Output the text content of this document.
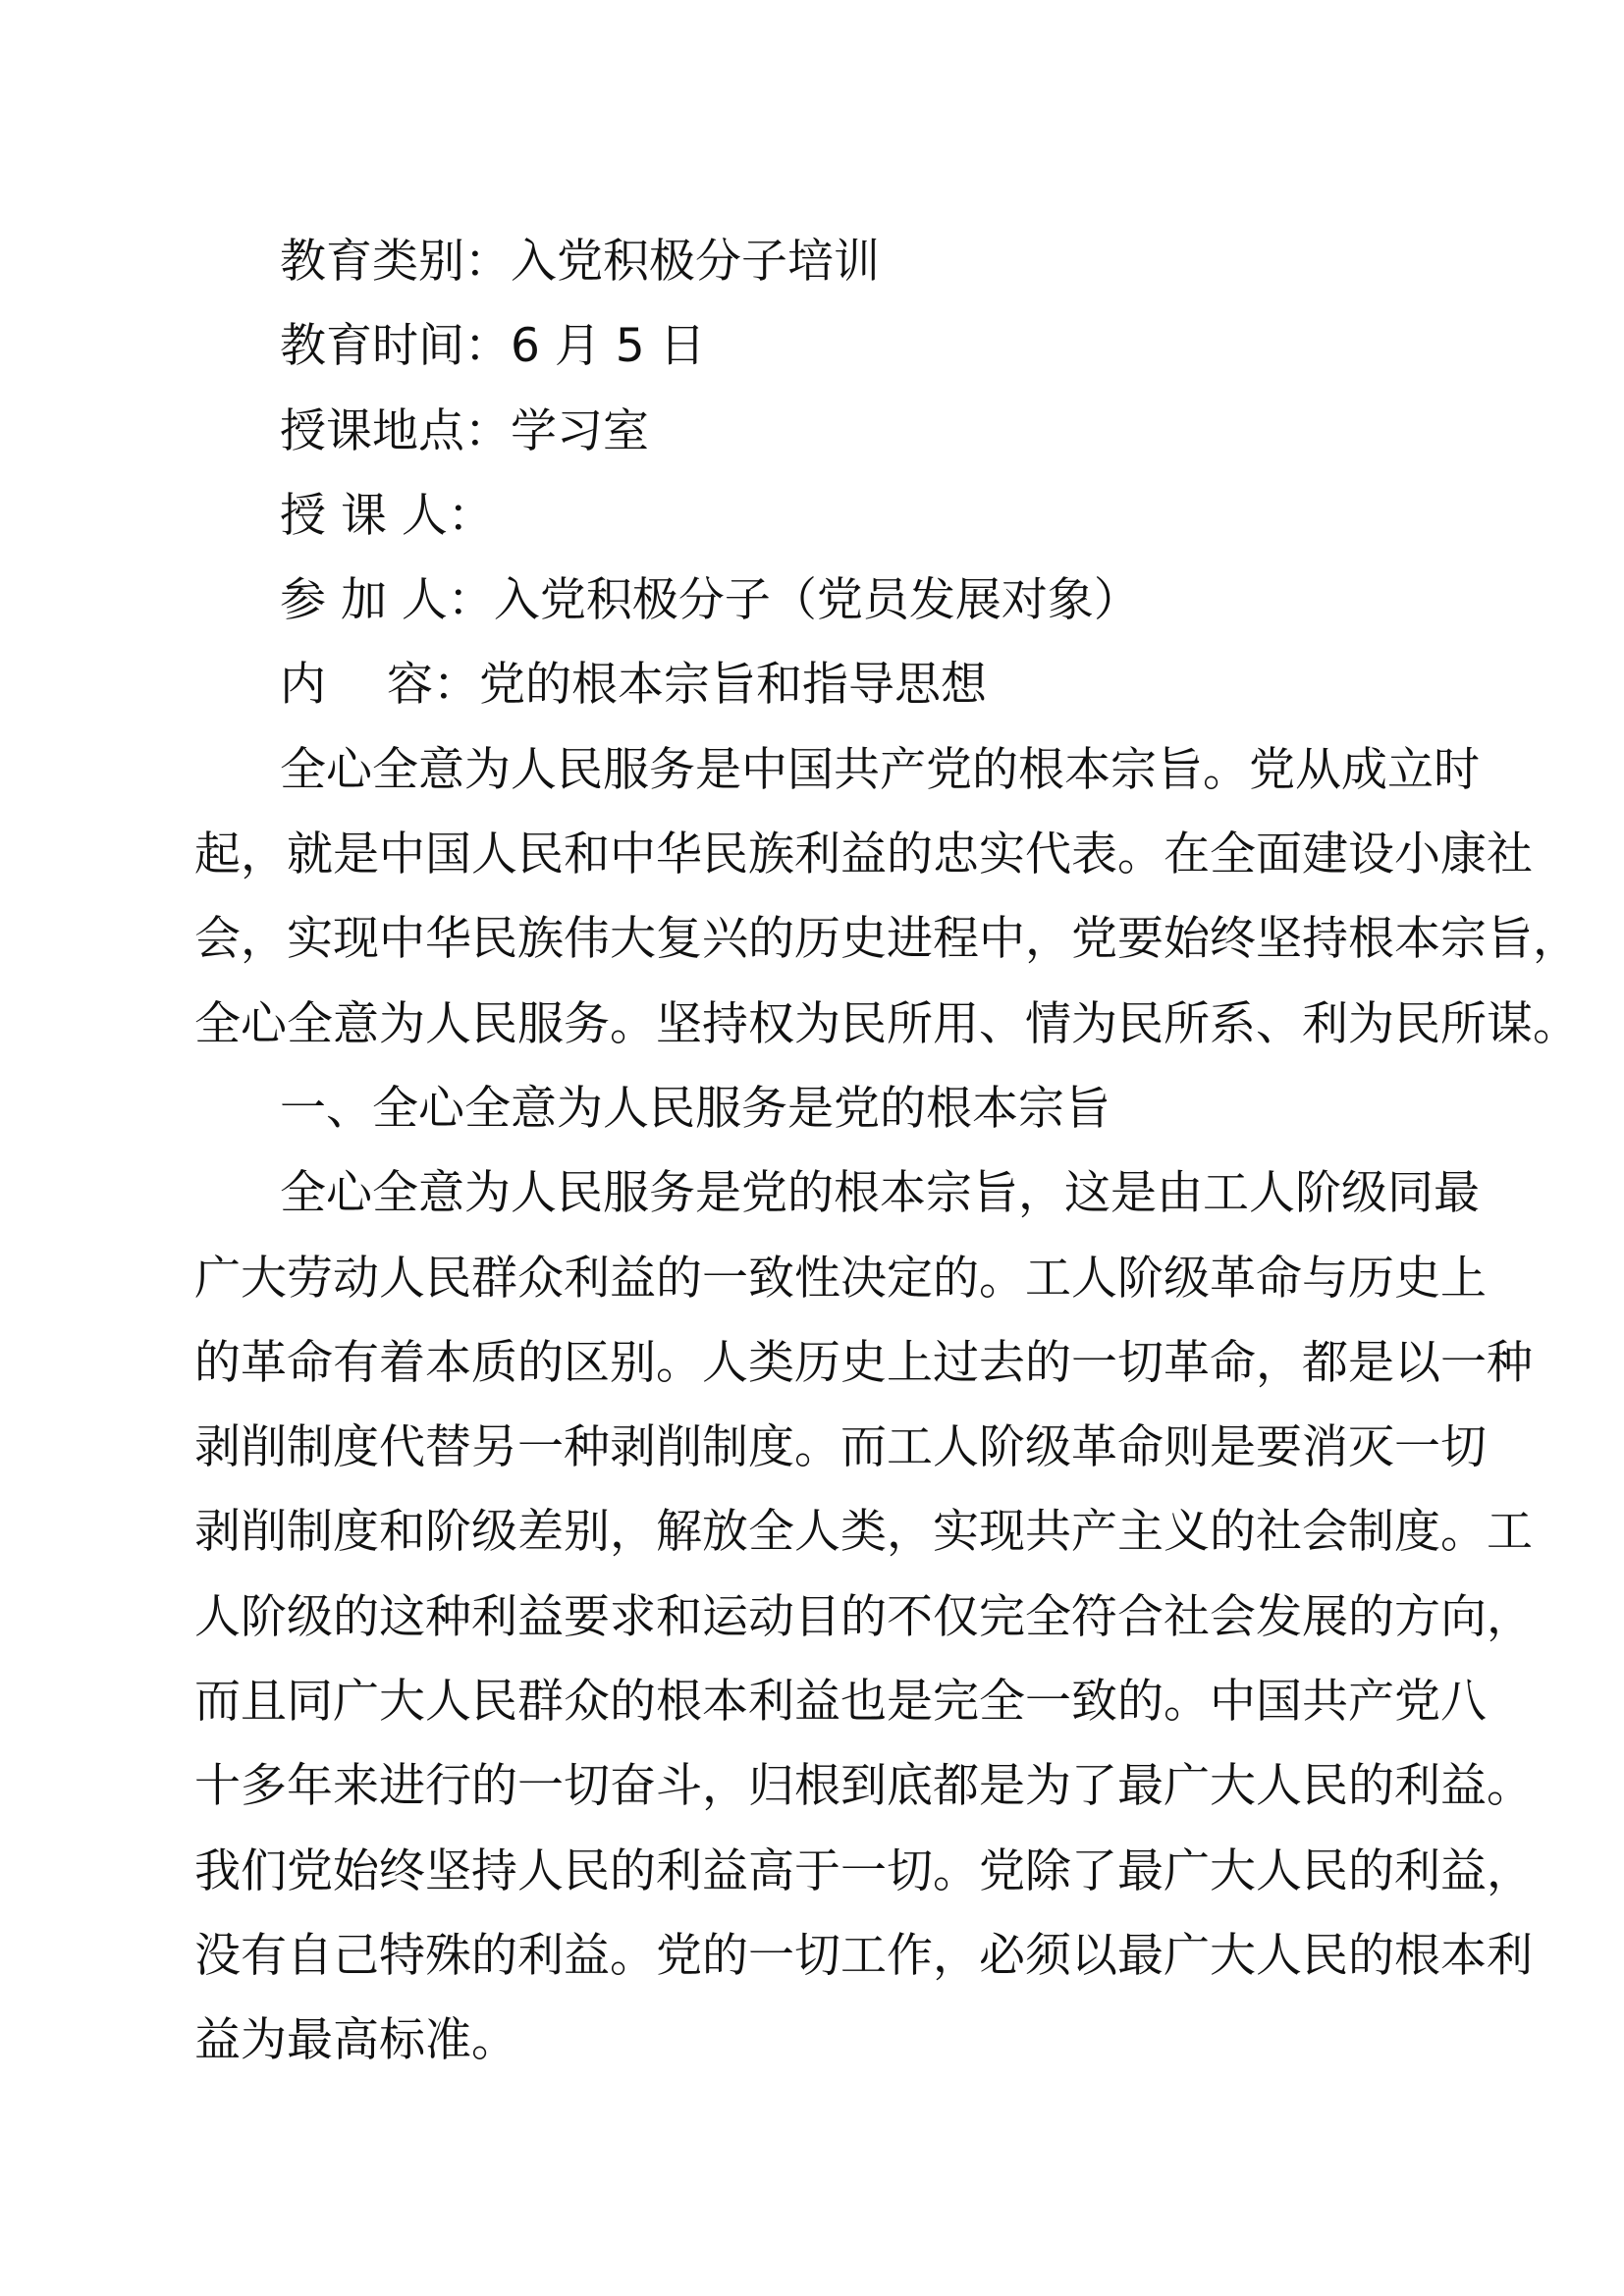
教育类别：入党积极分子培训
教育时间：6 月 5 日
授课地点：学习室
授 课 人：
参 加 人：入党积极分子（党员发展对象）
内　 容：党的根本宗旨和指导思想
全心全意为人民服务是中国共产党的根本宗旨。党从成立时
起，就是中国人民和中华民族利益的忠实代表。在全面建设小康社
会，实现中华民族伟大复兴的历史进程中，党要始终坚持根本宗旨，
全心全意为人民服务。坚持权为民所用、情为民所系、利为民所谋。
一、全心全意为人民服务是党的根本宗旨
全心全意为人民服务是党的根本宗旨，这是由工人阶级同最
广大劳动人民群众利益的一致性决定的。工人阶级革命与历史上
的革命有着本质的区别。人类历史上过去的一切革命，都是以一种
剥削制度代替另一种剥削制度。而工人阶级革命则是要消灭一切
剥削制度和阶级差别，解放全人类，实现共产主义的社会制度。工
人阶级的这种利益要求和运动目的不仅完全符合社会发展的方向，
而且同广大人民群众的根本利益也是完全一致的。中国共产党八
十多年来进行的一切奋斗，归根到底都是为了最广大人民的利益。
我们党始终坚持人民的利益高于一切。党除了最广大人民的利益，
没有自己特殊的利益。党的一切工作，必须以最广大人民的根本利
益为最高标准。
